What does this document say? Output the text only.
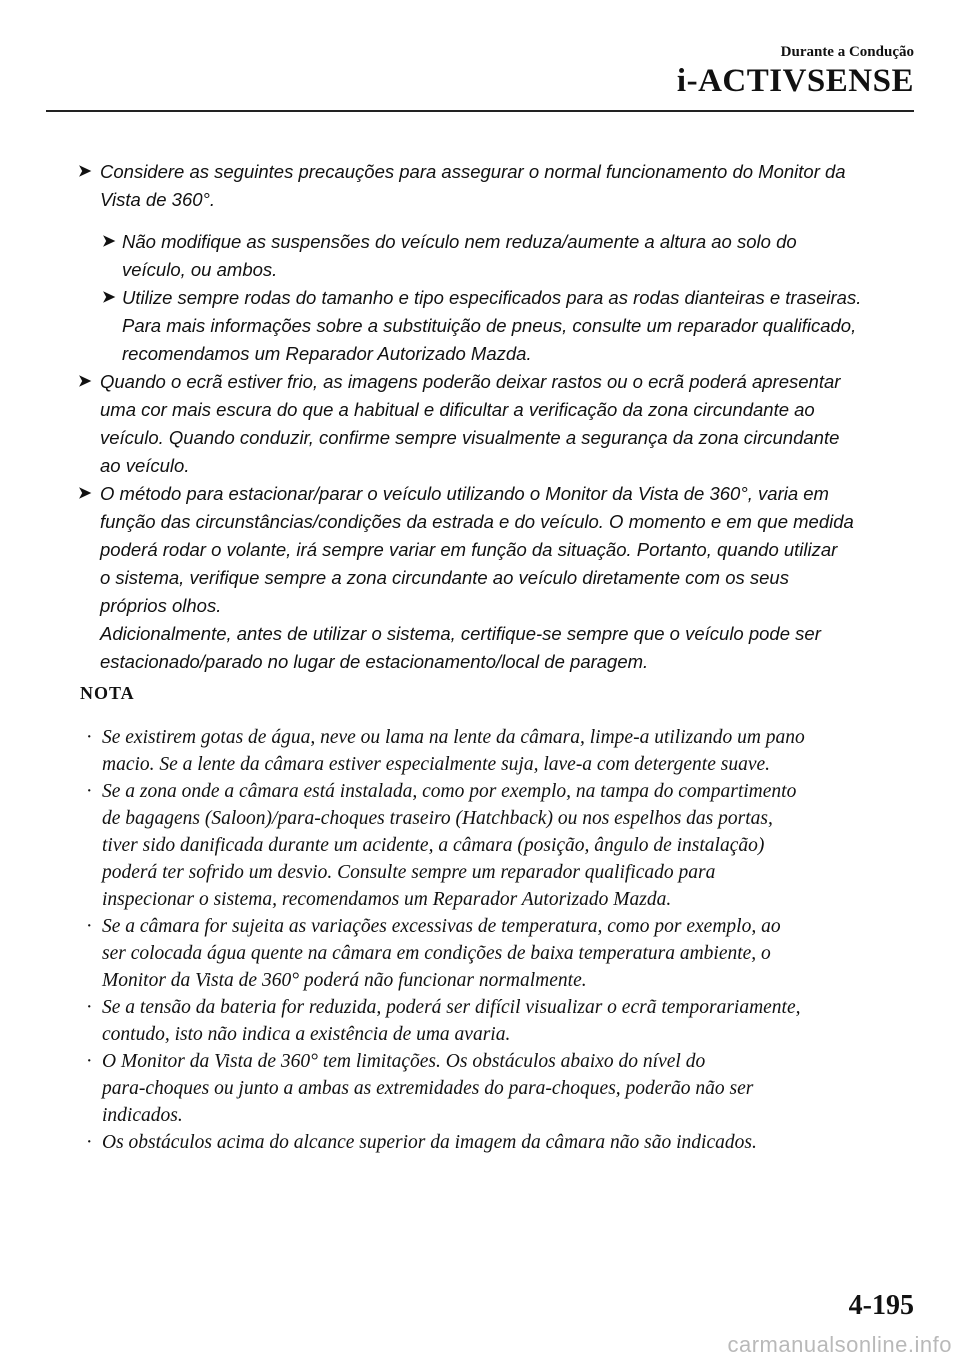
Durante a Condução
i-ACTIVSENSE
➤ Considere as seguintes precauções para assegurar o normal funcionamento do Monitor da
Vista de 360°.
➤ Não modifique as suspensões do veículo nem reduza/aumente a altura ao solo do
veículo, ou ambos.
➤ Utilize sempre rodas do tamanho e tipo especificados para as rodas dianteiras e traseiras.
Para mais informações sobre a substituição de pneus, consulte um reparador qualificado,
recomendamos um Reparador Autorizado Mazda.
➤ Quando o ecrã estiver frio, as imagens poderão deixar rastos ou o ecrã poderá apresentar
uma cor mais escura do que a habitual e dificultar a verificação da zona circundante ao
veículo. Quando conduzir, confirme sempre visualmente a segurança da zona circundante
ao veículo.
➤ O método para estacionar/parar o veículo utilizando o Monitor da Vista de 360°, varia em
função das circunstâncias/condições da estrada e do veículo. O momento e em que medida
poderá rodar o volante, irá sempre variar em função da situação. Portanto, quando utilizar
o sistema, verifique sempre a zona circundante ao veículo diretamente com os seus
próprios olhos.
Adicionalmente, antes de utilizar o sistema, certifique-se sempre que o veículo pode ser
estacionado/parado no lugar de estacionamento/local de paragem.
NOTA
· Se existirem gotas de água, neve ou lama na lente da câmara, limpe-a utilizando um pano
macio. Se a lente da câmara estiver especialmente suja, lave-a com detergente suave.
· Se a zona onde a câmara está instalada, como por exemplo, na tampa do compartimento
de bagagens (Saloon)/para-choques traseiro (Hatchback) ou nos espelhos das portas,
tiver sido danificada durante um acidente, a câmara (posição, ângulo de instalação)
poderá ter sofrido um desvio. Consulte sempre um reparador qualificado para
inspecionar o sistema, recomendamos um Reparador Autorizado Mazda.
· Se a câmara for sujeita as variações excessivas de temperatura, como por exemplo, ao
ser colocada água quente na câmara em condições de baixa temperatura ambiente, o
Monitor da Vista de 360° poderá não funcionar normalmente.
· Se a tensão da bateria for reduzida, poderá ser difícil visualizar o ecrã temporariamente,
contudo, isto não indica a existência de uma avaria.
· O Monitor da Vista de 360° tem limitações. Os obstáculos abaixo do nível do
para-choques ou junto a ambas as extremidades do para-choques, poderão não ser
indicados.
· Os obstáculos acima do alcance superior da imagem da câmara não são indicados.
4-195
carmanualsonline.info
